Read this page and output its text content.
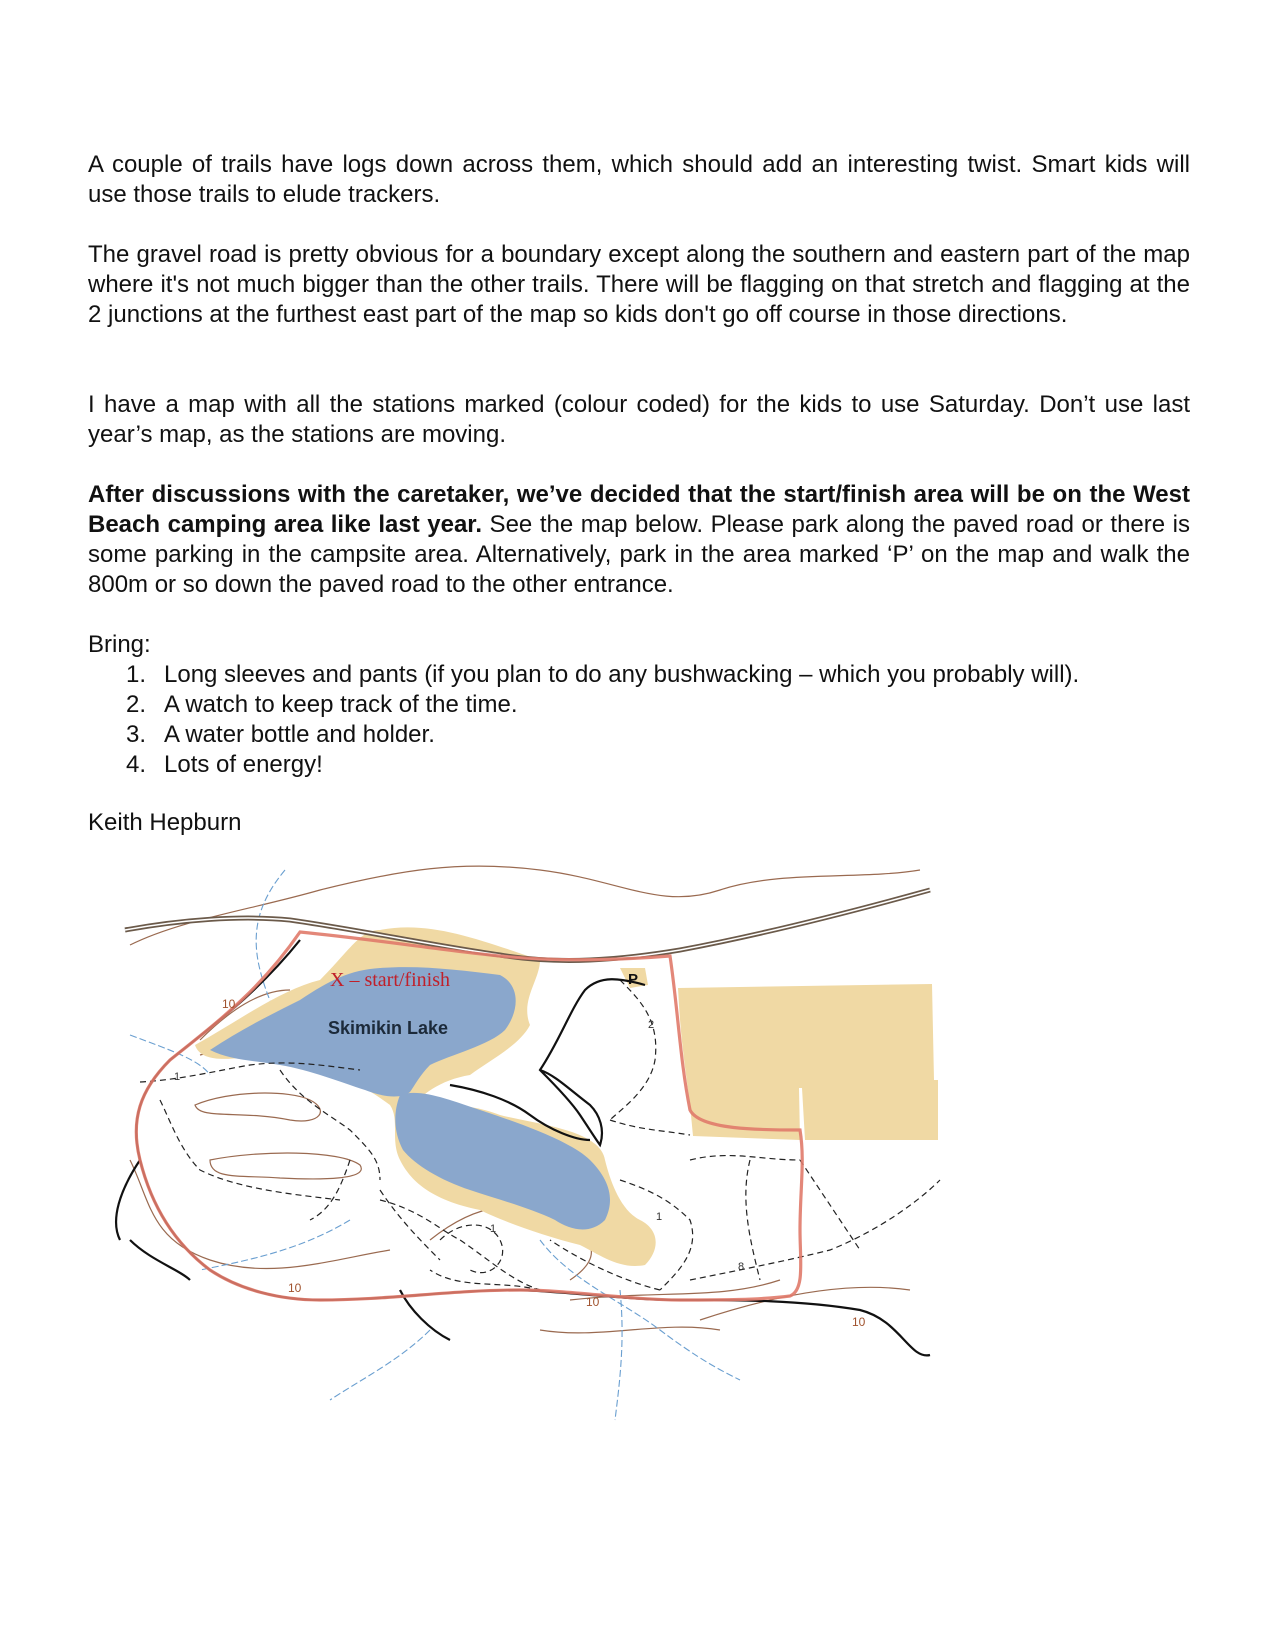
A couple of trails have logs down across them, which should add an interesting twist. Smart kids will use those trails to elude trackers.

The gravel road is pretty obvious for a boundary except along the southern and eastern part of the map where it's not much bigger than the other trails. There will be flagging on that stretch and flagging at the 2 junctions at the furthest east part of the map so kids don't go off course in those directions.

I have a map with all the stations marked (colour coded) for the kids to use Saturday. Don’t use last year’s map, as the stations are moving.

After discussions with the caretaker, we’ve decided that the start/finish area will be on the West Beach camping area like last year. See the map below. Please park along the paved road or there is some parking in the campsite area. Alternatively, park in the area marked ‘P’ on the map and walk the 800m or so down the paved road to the other entrance.

Bring:

1. Long sleeves and pants (if you plan to do any bushwacking – which you probably will).
2. A watch to keep track of the time.
3. A water bottle and holder.
4. Lots of energy!

Keith Hepburn

X – start/finish
Skimikin Lake
P
10
10
10
10
1
1
1
2
8
